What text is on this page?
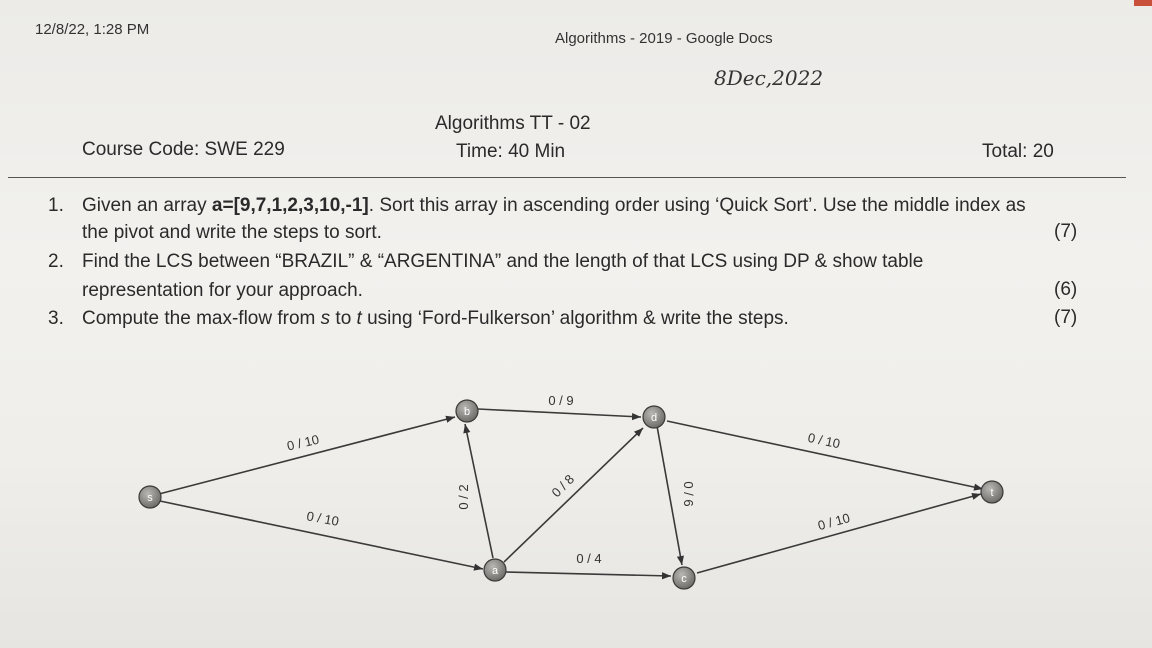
12/8/22, 1:28 PM
Algorithms - 2019 - Google Docs
8Dec,2022
Algorithms TT - 02
Course Code: SWE 229	Time: 40 Min	Total: 20
1. Given an array a=[9,7,1,2,3,10,-1]. Sort this array in ascending order using ‘Quick Sort’. Use the middle index as
the pivot and write the steps to sort.	(7)
2. Find the LCS between “BRAZIL” & “ARGENTINA” and the length of that LCS using DP & show table
representation for your approach.	(6)
3. Compute the max-flow from s to t using ‘Ford-Fulkerson’ algorithm & write the steps.	(7)
0 / 10
0 / 10
0 / 2
0 / 9
0 / 8
0 / 4
0 / 6
0 / 10
0 / 10
s
b
a
d
c
t
